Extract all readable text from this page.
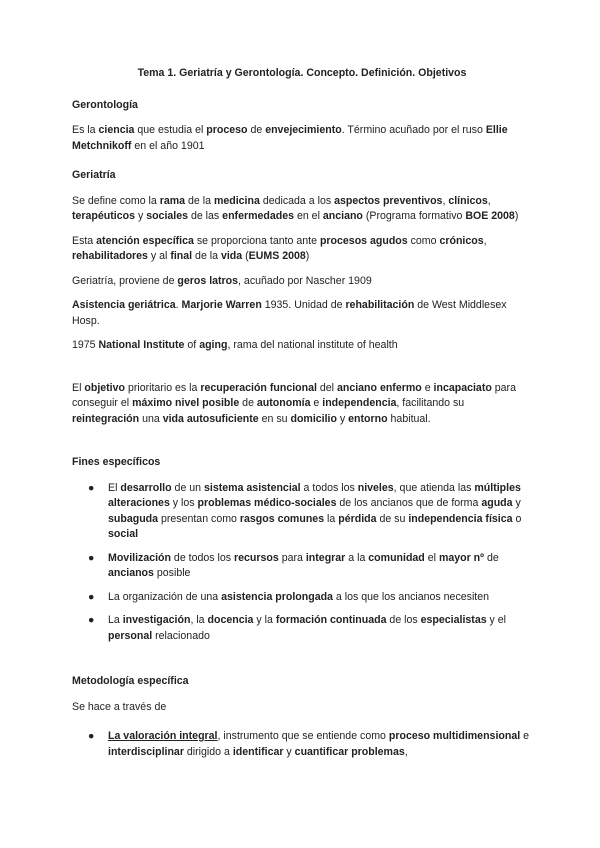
Tema 1. Geriatría y Gerontología. Concepto. Definición. Objetivos
Gerontología

Es la ciencia que estudia el proceso de envejecimiento. Término acuñado por el ruso Ellie Metchnikoff en el año 1901

Geriatría

Se define como la rama de la medicina dedicada a los aspectos preventivos, clínicos, terapéuticos y sociales de las enfermedades en el anciano (Programa formativo BOE 2008)

Esta atención específica se proporciona tanto ante procesos agudos como crónicos, rehabilitadores y al final de la vida (EUMS 2008)

Geriatría, proviene de geros latros, acuñado por Nascher 1909

Asistencia geriátrica. Marjorie Warren 1935. Unidad de rehabilitación de West Middlesex Hosp.

1975 National Institute of aging, rama del national institute of health

El objetivo prioritario es la recuperación funcional del anciano enfermo e incapaciato para conseguir el máximo nivel posible de autonomía e independencia, facilitando su reintegración una vida autosuficiente en su domicilio y entorno habitual.

Fines específicos
● El desarrollo de un sistema asistencial a todos los niveles, que atienda las múltiples alteraciones y los problemas médico-sociales de los ancianos que de forma aguda y subaguda presentan como rasgos comunes la pérdida de su independencia física o social
● Movilización de todos los recursos para integrar a la comunidad el mayor nº de ancianos posible
● La organización de una asistencia prolongada a los que los ancianos necesiten
● La investigación, la docencia y la formación continuada de los especialistas y el personal relacionado
Metodología específica

Se hace a través de

● La valoración integral, instrumento que se entiende como proceso multidimensional e interdisciplinar dirigido a identificar y cuantificar problemas,
